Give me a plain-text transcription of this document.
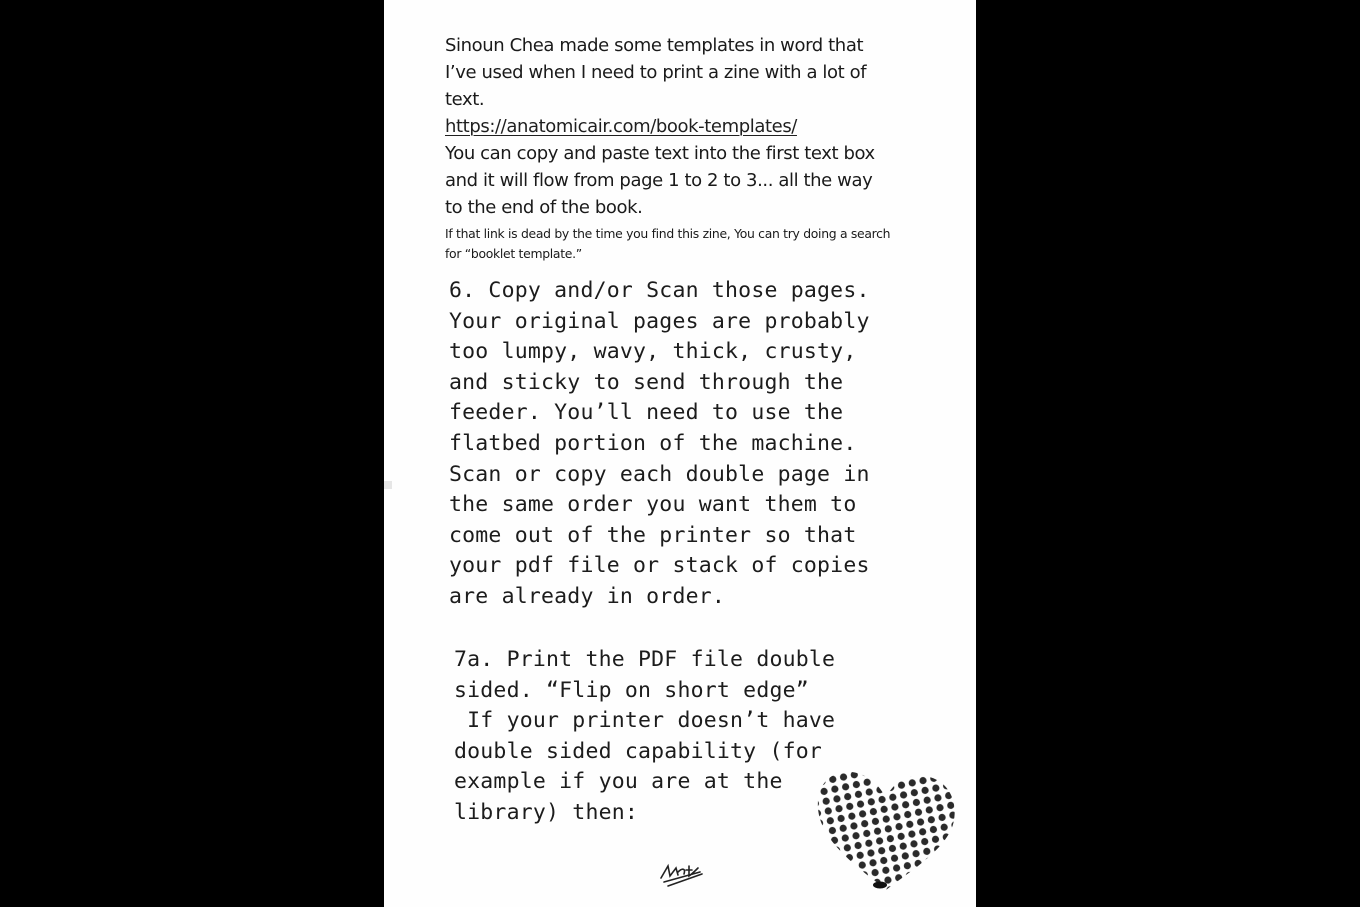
Sinoun Chea made some templates in word that
I’ve used when I need to print a zine with a lot of
text.
https://anatomicair.com/book-templates/
You can copy and paste text into the first text box
and it will flow from page 1 to 2 to 3... all the way
to the end of the book.
If that link is dead by the time you find this zine, You can try doing a search
for “booklet template.”
6. Copy and/or Scan those pages.
Your original pages are probably
too lumpy, wavy, thick, crusty,
and sticky to send through the
feeder. You’ll need to use the
flatbed portion of the machine.
Scan or copy each double page in
the same order you want them to
come out of the printer so that
your pdf file or stack of copies
are already in order.
7a. Print the PDF file double
sided. “Flip on short edge”
If your printer doesn’t have
double sided capability (for
example if you are at the
library) then:
